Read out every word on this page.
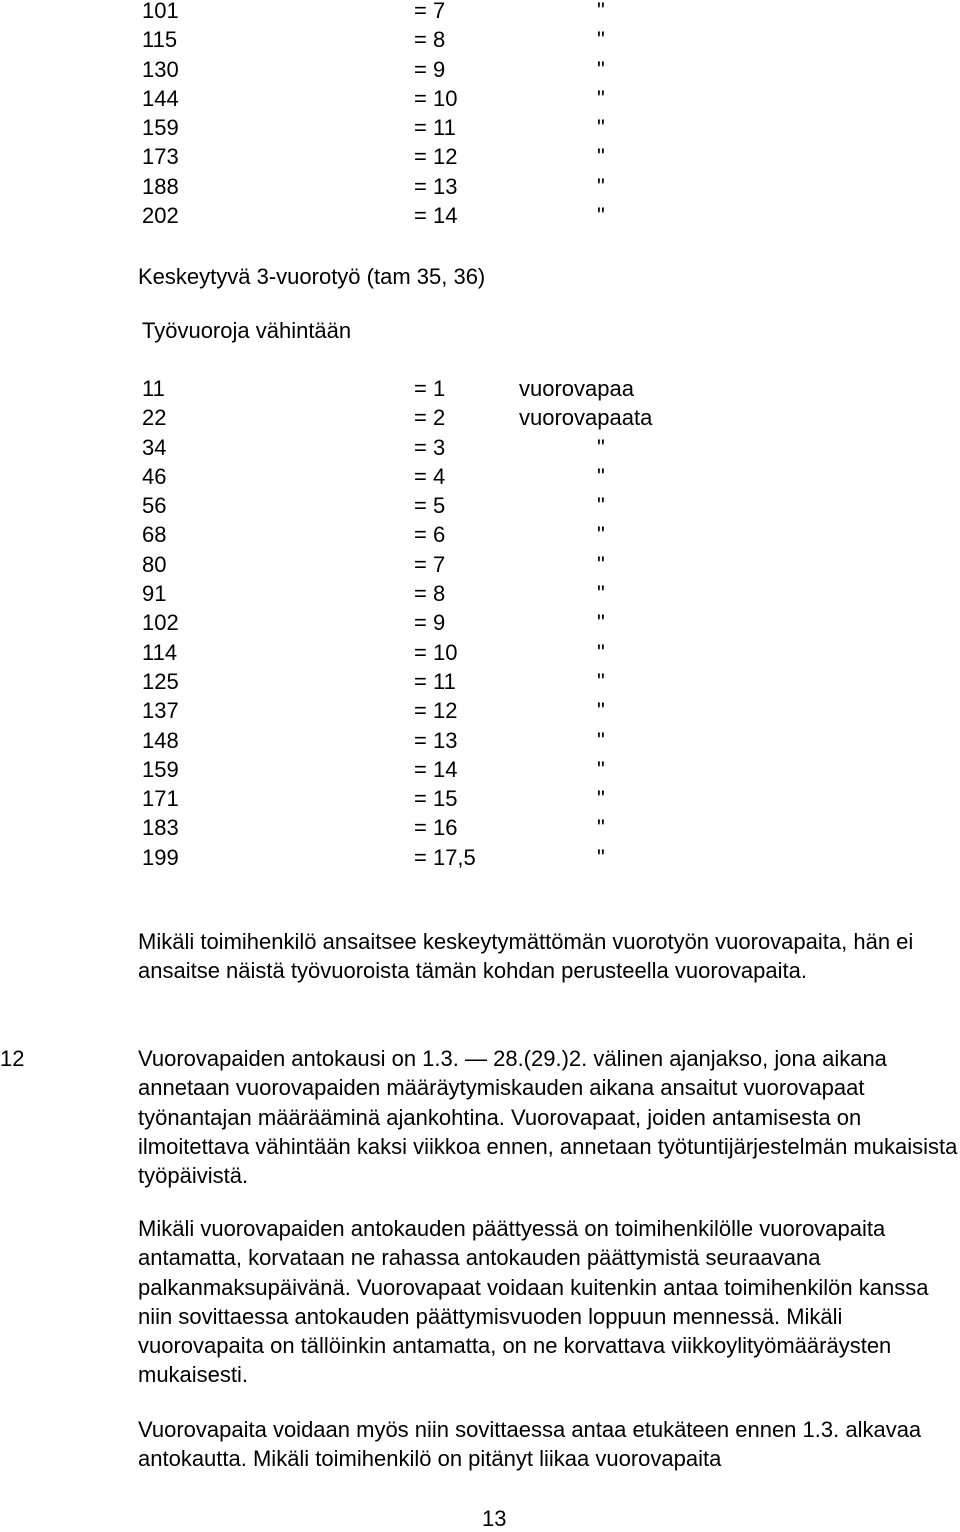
101	= 7	"
115	= 8	"
130	= 9	"
144	= 10	"
159	= 11	"
173	= 12	"
188	= 13	"
202	= 14	"
Keskeytyvä 3-vuorotyö (tam 35, 36)
Työvuoroja vähintään
11	= 1	vuorovapaa
22	= 2	vuorovapaata
34	= 3	"
46	= 4	"
56	= 5	"
68	= 6	"
80	= 7	"
91	= 8	"
102	= 9	"
114	= 10	"
125	= 11	"
137	= 12	"
148	= 13	"
159	= 14	"
171	= 15	"
183	= 16	"
199	= 17,5	"

Mikäli toimihenkilö ansaitsee keskeytymättömän vuorotyön vuorovapaita, hän ei ansaitse näistä työvuoroista tämän kohdan perusteella vuorovapaita.

12	Vuorovapaiden antokausi on 1.3. — 28.(29.)2. välinen ajanjakso, jona aikana annetaan vuorovapaiden määräytymiskauden aikana ansaitut vuorovapaat työnantajan määrääminä ajankohtina. Vuorovapaat, joiden antamisesta on ilmoitettava vähintään kaksi viikkoa ennen, annetaan työtuntijärjestelmän mukaisista työpäivistä.

Mikäli vuorovapaiden antokauden päättyessä on toimihenkilölle vuorovapaita antamatta, korvataan ne rahassa antokauden päättymistä seuraavana palkanmaksupäivänä. Vuorovapaat voidaan kuitenkin antaa toimihenkilön kanssa niin sovittaessa antokauden päättymisvuoden loppuun mennessä. Mikäli vuorovapaita on tällöinkin antamatta, on ne korvattava viikkoylityömääräysten mukaisesti.

Vuorovapaita voidaan myös niin sovittaessa antaa etukäteen ennen 1.3. alkavaa antokautta. Mikäli toimihenkilö on pitänyt liikaa vuorovapaita

13
